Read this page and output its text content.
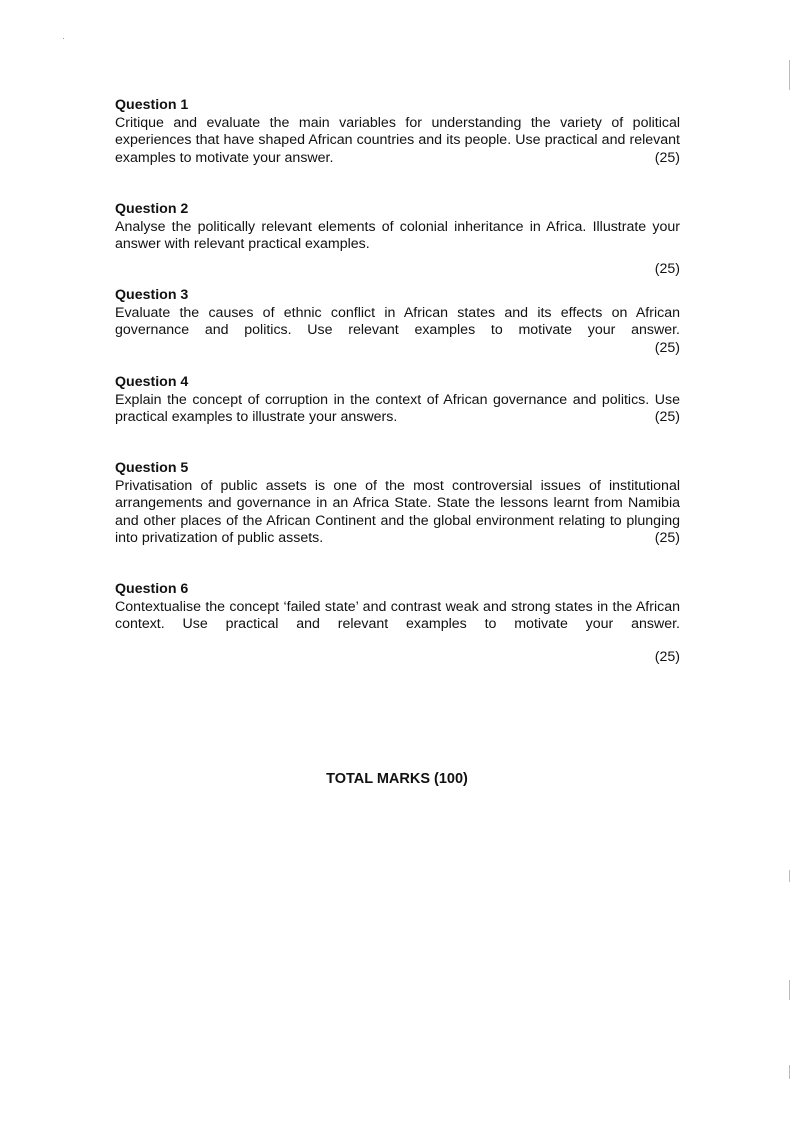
Question 1
Critique and evaluate the main variables for understanding the variety of political experiences that have shaped African countries and its people. Use practical and relevant examples to motivate your answer.	(25)
Question 2
Analyse the politically relevant elements of colonial inheritance in Africa. Illustrate your answer with relevant practical examples.
(25)
Question 3
Evaluate the causes of ethnic conflict in African states and its effects on African governance and politics. Use relevant examples to motivate your answer.
(25)
Question 4
Explain the concept of corruption in the context of African governance and politics. Use practical examples to illustrate your answers.	(25)
Question 5
Privatisation of public assets is one of the most controversial issues of institutional arrangements and governance in an Africa State. State the lessons learnt from Namibia and other places of the African Continent and the global environment relating to plunging into privatization of public assets.	(25)
Question 6
Contextualise the concept ‘failed state’ and contrast weak and strong states in the African context. Use practical and relevant examples to motivate your answer.
(25)
TOTAL MARKS (100)
